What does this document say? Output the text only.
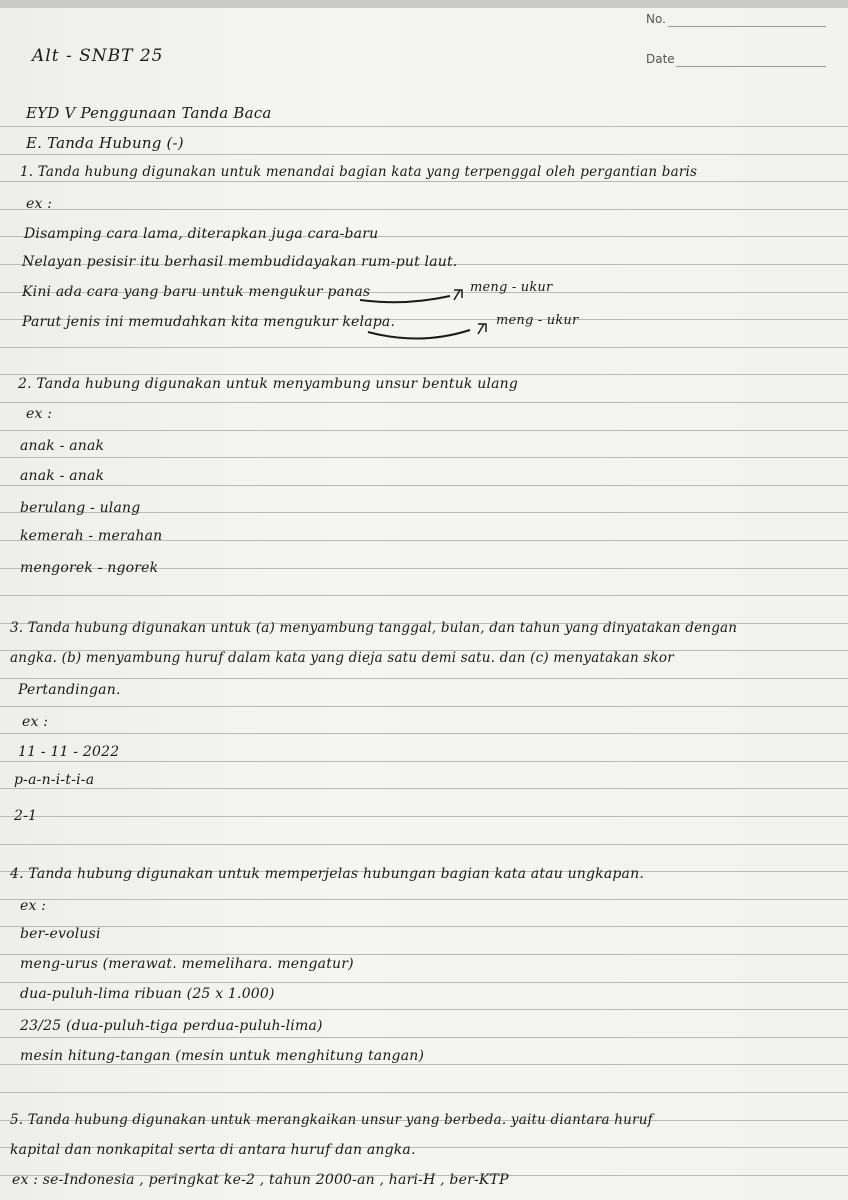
No.
Date
Alt - SNBT 25
EYD V Penggunaan Tanda Baca
E. Tanda Hubung (-)
1. Tanda hubung digunakan untuk menandai bagian kata yang terpenggal oleh pergantian baris
ex :
Disamping cara lama, diterapkan juga cara-baru
Nelayan pesisir itu berhasil membudidayakan rum-put laut.
Kini ada cara yang baru untuk mengukur panas
Parut jenis ini memudahkan kita mengukur kelapa.
2. Tanda hubung digunakan untuk menyambung unsur bentuk ulang
ex :
anak - anak
anak - anak
berulang - ulang
kemerah - merahan
mengorek - ngorek
3. Tanda hubung digunakan untuk (a) menyambung tanggal, bulan, dan tahun yang dinyatakan dengan
angka. (b) menyambung huruf dalam kata yang dieja satu demi satu. dan (c) menyatakan skor
Pertandingan.
ex :
11 - 11 - 2022
p-a-n-i-t-i-a
2-1
4. Tanda hubung digunakan untuk memperjelas hubungan bagian kata atau ungkapan.
ex :
ber-evolusi
meng-urus (merawat. memelihara. mengatur)
dua-puluh-lima ribuan (25 x 1.000)
23/25 (dua-puluh-tiga perdua-puluh-lima)
mesin hitung-tangan (mesin untuk menghitung tangan)
5. Tanda hubung digunakan untuk merangkaikan unsur yang berbeda. yaitu diantara huruf
kapital dan nonkapital serta di antara huruf dan angka.
ex : se-Indonesia , peringkat ke-2 , tahun 2000-an , hari-H , ber-KTP
meng - ukur
meng - ukur
